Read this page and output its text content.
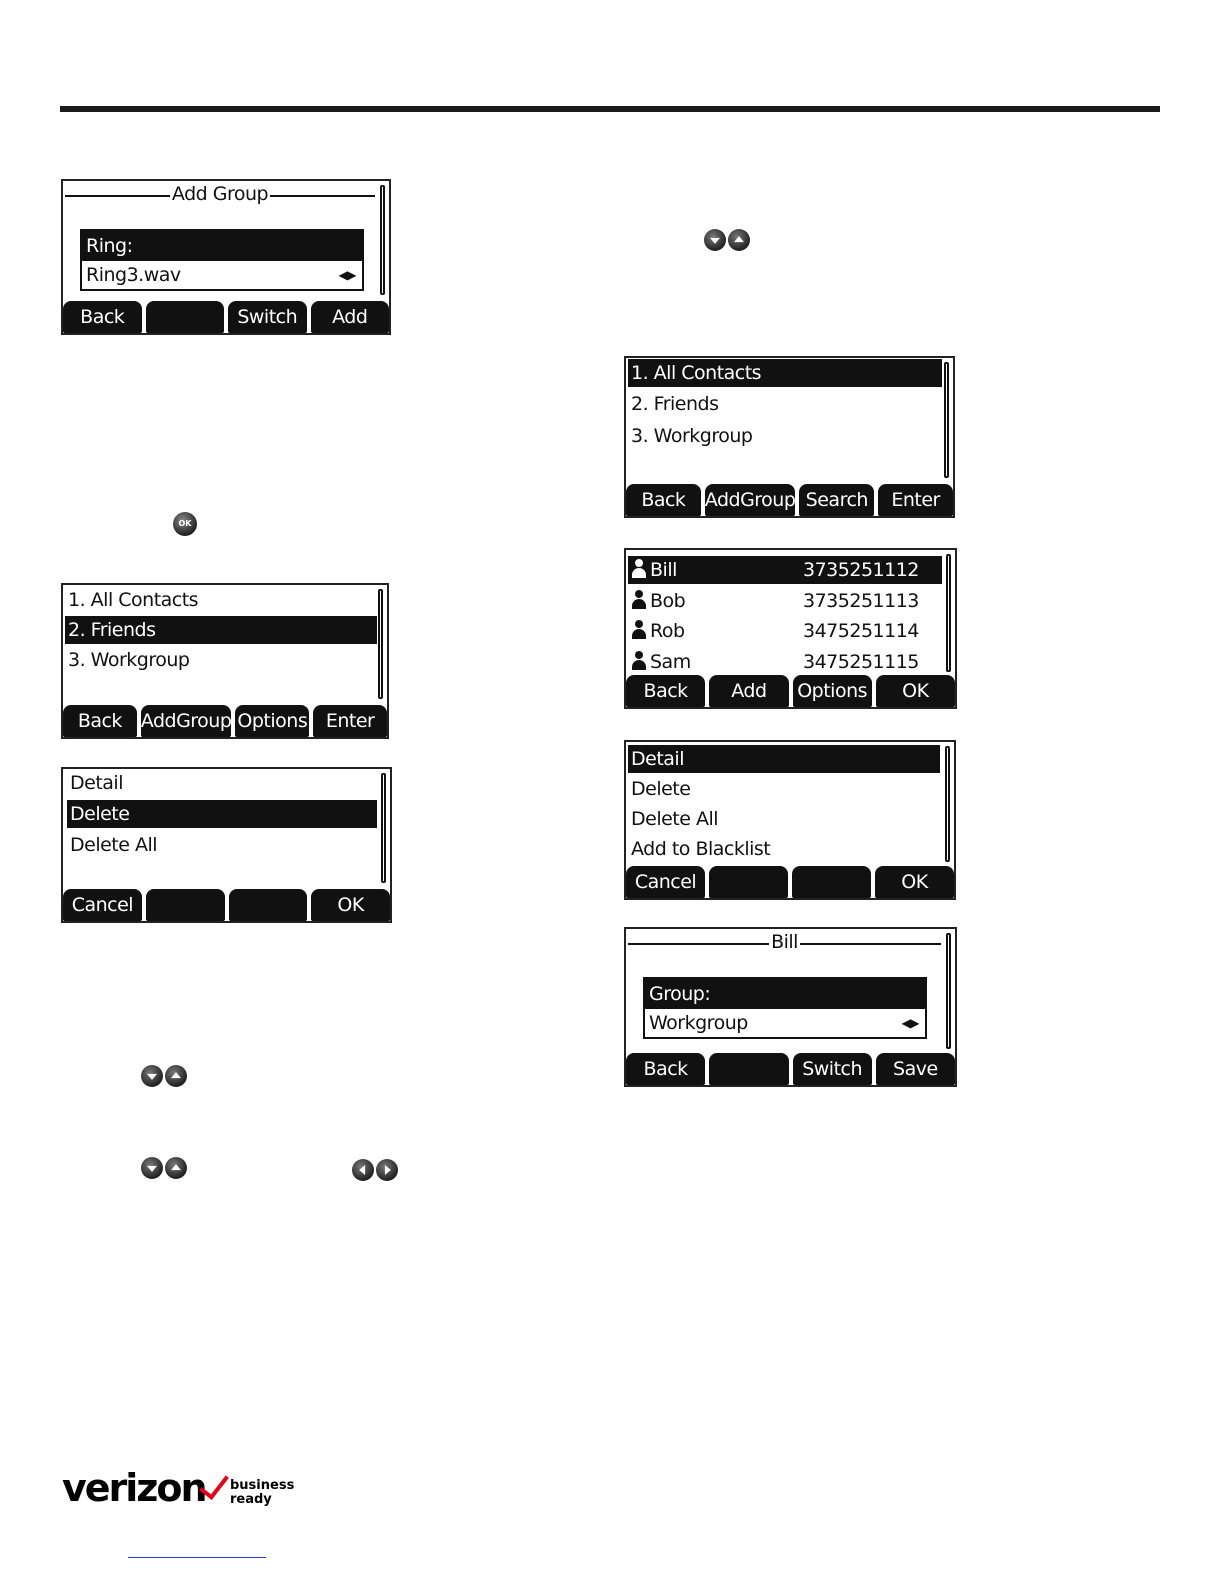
Add Group
Ring:
Ring3.wav	◀▶
Back	Switch	Add
OK
1. All Contacts
2. Friends
3. Workgroup
Back AddGroup Options Enter
Detail
Delete
Delete All
Cancel	OK
1. All Contacts
2. Friends
3. Workgroup
Back	AddGroup Search	Enter
Bill	3735251112
Bob	3735251113
Rob	3475251114
Sam	3475251115
Back	Add	Options	OK
Detail
Delete
Delete All
Add to Blacklist
Cancel	OK
Bill
Group:
Workgroup	◀▶
Back	Switch	Save
verizon business
ready
